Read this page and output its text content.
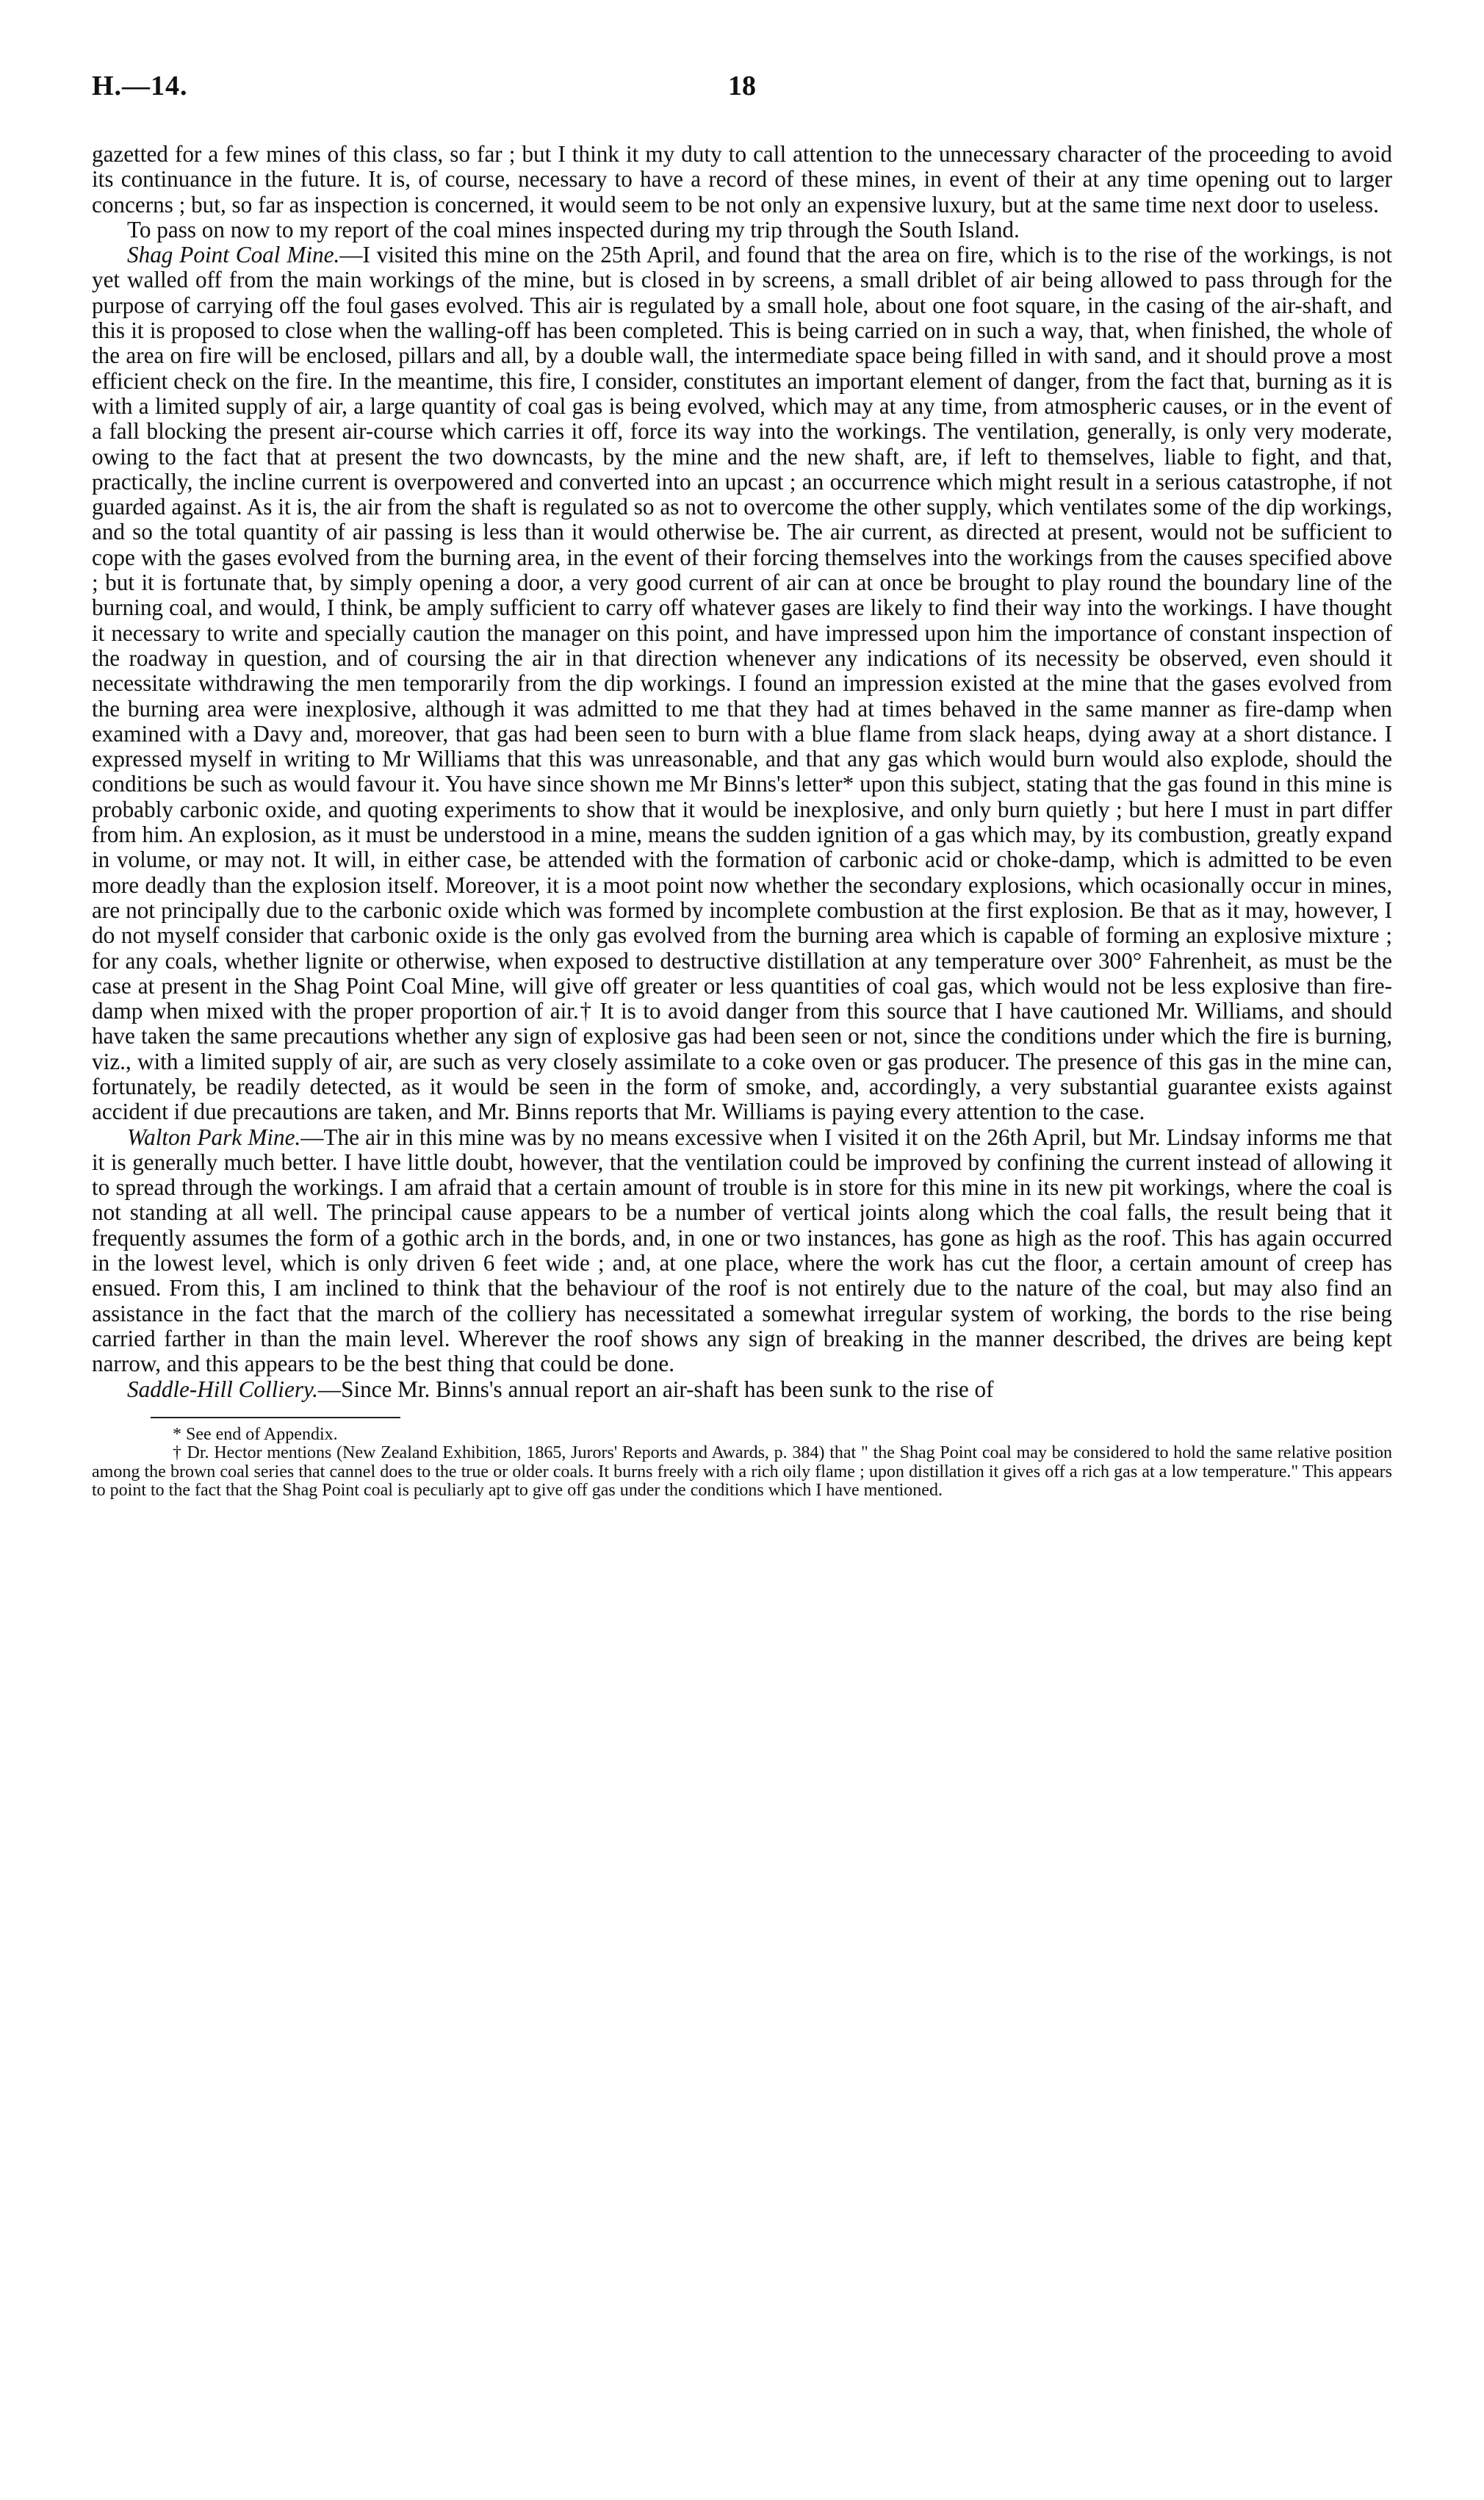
H.—14.	18

gazetted for a few mines of this class, so far ; but I think it my duty to call attention to the unnecessary character of the proceeding to avoid its continuance in the future. It is, of course, necessary to have a record of these mines, in event of their at any time opening out to larger concerns ; but, so far as inspection is concerned, it would seem to be not only an expensive luxury, but at the same time next door to useless.

To pass on now to my report of the coal mines inspected during my trip through the South Island.

Shag Point Coal Mine.—I visited this mine on the 25th April, and found that the area on fire, which is to the rise of the workings, is not yet walled off from the main workings of the mine, but is closed in by screens, a small driblet of air being allowed to pass through for the purpose of carrying off the foul gases evolved. This air is regulated by a small hole, about one foot square, in the casing of the air-shaft, and this it is proposed to close when the walling-off has been completed. This is being carried on in such a way, that, when finished, the whole of the area on fire will be enclosed, pillars and all, by a double wall, the intermediate space being filled in with sand, and it should prove a most efficient check on the fire. In the meantime, this fire, I consider, constitutes an important element of danger, from the fact that, burning as it is with a limited supply of air, a large quantity of coal gas is being evolved, which may at any time, from atmospheric causes, or in the event of a fall blocking the present air-course which carries it off, force its way into the workings. The ventilation, generally, is only very moderate, owing to the fact that at present the two downcasts, by the mine and the new shaft, are, if left to themselves, liable to fight, and that, practically, the incline current is overpowered and converted into an upcast ; an occurrence which might result in a serious catastrophe, if not guarded against. As it is, the air from the shaft is regulated so as not to overcome the other supply, which ventilates some of the dip workings, and so the total quantity of air passing is less than it would otherwise be. The air current, as directed at present, would not be sufficient to cope with the gases evolved from the burning area, in the event of their forcing themselves into the workings from the causes specified above ; but it is fortunate that, by simply opening a door, a very good current of air can at once be brought to play round the boundary line of the burning coal, and would, I think, be amply sufficient to carry off whatever gases are likely to find their way into the workings. I have thought it necessary to write and specially caution the manager on this point, and have impressed upon him the importance of constant inspection of the roadway in question, and of coursing the air in that direction whenever any indications of its necessity be observed, even should it necessitate withdrawing the men temporarily from the dip workings. I found an impression existed at the mine that the gases evolved from the burning area were inexplosive, although it was admitted to me that they had at times behaved in the same manner as fire-damp when examined with a Davy and, moreover, that gas had been seen to burn with a blue flame from slack heaps, dying away at a short distance. I expressed myself in writing to Mr Williams that this was unreasonable, and that any gas which would burn would also explode, should the conditions be such as would favour it. You have since shown me Mr Binns's letter* upon this subject, stating that the gas found in this mine is probably carbonic oxide, and quoting experiments to show that it would be inexplosive, and only burn quietly ; but here I must in part differ from him. An explosion, as it must be understood in a mine, means the sudden ignition of a gas which may, by its combustion, greatly expand in volume, or may not. It will, in either case, be attended with the formation of carbonic acid or choke-damp, which is admitted to be even more deadly than the explosion itself. Moreover, it is a moot point now whether the secondary explosions, which ocasionally occur in mines, are not principally due to the carbonic oxide which was formed by incomplete combustion at the first explosion. Be that as it may, however, I do not myself consider that carbonic oxide is the only gas evolved from the burning area which is capable of forming an explosive mixture ; for any coals, whether lignite or otherwise, when exposed to destructive distillation at any temperature over 300° Fahrenheit, as must be the case at present in the Shag Point Coal Mine, will give off greater or less quantities of coal gas, which would not be less explosive than fire-damp when mixed with the proper proportion of air.† It is to avoid danger from this source that I have cautioned Mr. Williams, and should have taken the same precautions whether any sign of explosive gas had been seen or not, since the conditions under which the fire is burning, viz., with a limited supply of air, are such as very closely assimilate to a coke oven or gas producer. The presence of this gas in the mine can, fortunately, be readily detected, as it would be seen in the form of smoke, and, accordingly, a very substantial guarantee exists against accident if due precautions are taken, and Mr. Binns reports that Mr. Williams is paying every attention to the case.

Walton Park Mine.—The air in this mine was by no means excessive when I visited it on the 26th April, but Mr. Lindsay informs me that it is generally much better. I have little doubt, however, that the ventilation could be improved by confining the current instead of allowing it to spread through the workings. I am afraid that a certain amount of trouble is in store for this mine in its new pit workings, where the coal is not standing at all well. The principal cause appears to be a number of vertical joints along which the coal falls, the result being that it frequently assumes the form of a gothic arch in the bords, and, in one or two instances, has gone as high as the roof. This has again occurred in the lowest level, which is only driven 6 feet wide ; and, at one place, where the work has cut the floor, a certain amount of creep has ensued. From this, I am inclined to think that the behaviour of the roof is not entirely due to the nature of the coal, but may also find an assistance in the fact that the march of the colliery has necessitated a somewhat irregular system of working, the bords to the rise being carried farther in than the main level. Wherever the roof shows any sign of breaking in the manner described, the drives are being kept narrow, and this appears to be the best thing that could be done.

Saddle-Hill Colliery.—Since Mr. Binns's annual report an air-shaft has been sunk to the rise of

* See end of Appendix.

† Dr. Hector mentions (New Zealand Exhibition, 1865, Jurors' Reports and Awards, p. 384) that " the Shag Point coal may be considered to hold the same relative position among the brown coal series that cannel does to the true or older coals. It burns freely with a rich oily flame ; upon distillation it gives off a rich gas at a low temperature." This appears to point to the fact that the Shag Point coal is peculiarly apt to give off gas under the conditions which I have mentioned.
